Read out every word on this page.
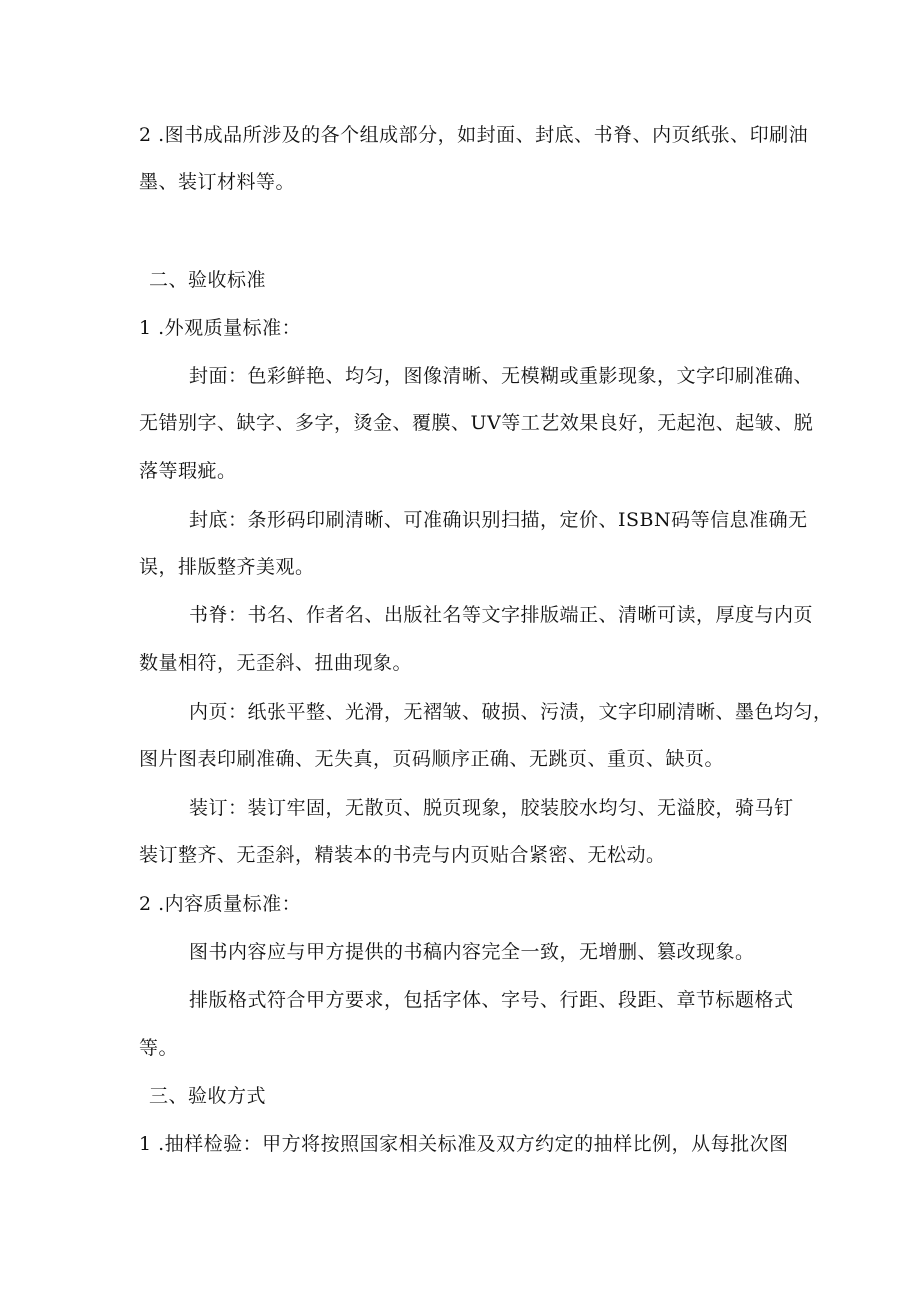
2 .图书成品所涉及的各个组成部分，如封面、封底、书脊、内页纸张、印刷油
墨、装订材料等。
二、验收标准
1 .外观质量标准：
封面：色彩鲜艳、均匀，图像清晰、无模糊或重影现象，文字印刷准确、
无错别字、缺字、多字，烫金、覆膜、UV等工艺效果良好，无起泡、起皱、脱
落等瑕疵。
封底：条形码印刷清晰、可准确识别扫描，定价、ISBN码等信息准确无
误，排版整齐美观。
书脊：书名、作者名、出版社名等文字排版端正、清晰可读，厚度与内页
数量相符，无歪斜、扭曲现象。
内页：纸张平整、光滑，无褶皱、破损、污渍，文字印刷清晰、墨色均匀，
图片图表印刷准确、无失真，页码顺序正确、无跳页、重页、缺页。
装订：装订牢固，无散页、脱页现象，胶装胶水均匀、无溢胶，骑马钉
装订整齐、无歪斜，精装本的书壳与内页贴合紧密、无松动。
2 .内容质量标准：
图书内容应与甲方提供的书稿内容完全一致，无增删、篡改现象。
排版格式符合甲方要求，包括字体、字号、行距、段距、章节标题格式
等。
三、验收方式
1 .抽样检验：甲方将按照国家相关标准及双方约定的抽样比例，从每批次图
